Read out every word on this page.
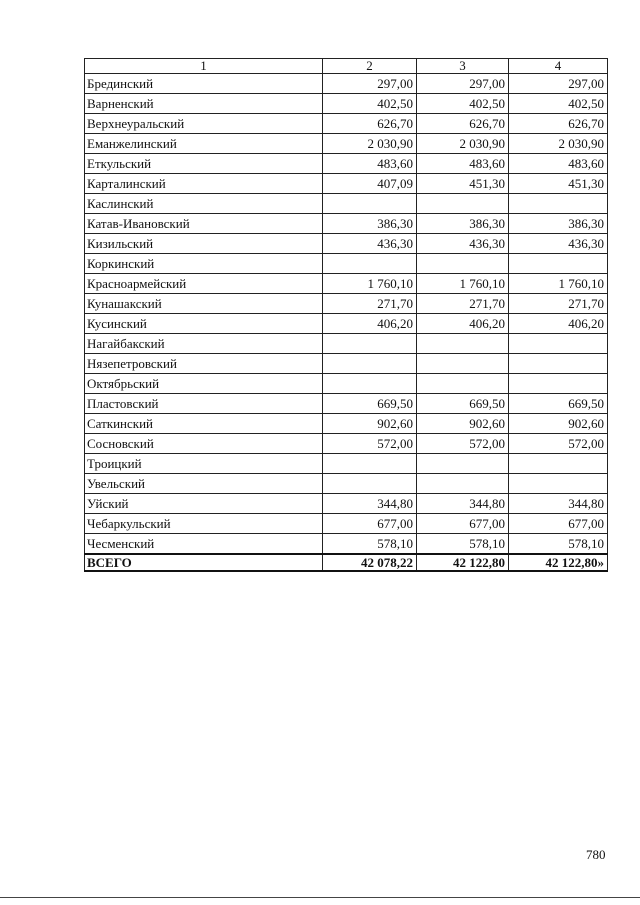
1	2	3	4
Брединский	297,00	297,00	297,00
Варненский	402,50	402,50	402,50
Верхнеуральский	626,70	626,70	626,70
Еманжелинский	2 030,90	2 030,90	2 030,90
Еткульский	483,60	483,60	483,60
Карталинский	407,09	451,30	451,30
Каслинский			
Катав-Ивановский	386,30	386,30	386,30
Кизильский	436,30	436,30	436,30
Коркинский			
Красноармейский	1 760,10	1 760,10	1 760,10
Кунашакский	271,70	271,70	271,70
Кусинский	406,20	406,20	406,20
Нагайбакский			
Нязепетровский			
Октябрьский			
Пластовский	669,50	669,50	669,50
Саткинский	902,60	902,60	902,60
Сосновский	572,00	572,00	572,00
Троицкий			
Увельский			
Уйский	344,80	344,80	344,80
Чебаркульский	677,00	677,00	677,00
Чесменский	578,10	578,10	578,10
ВСЕГО	42 078,22	42 122,80	42 122,80»
780
